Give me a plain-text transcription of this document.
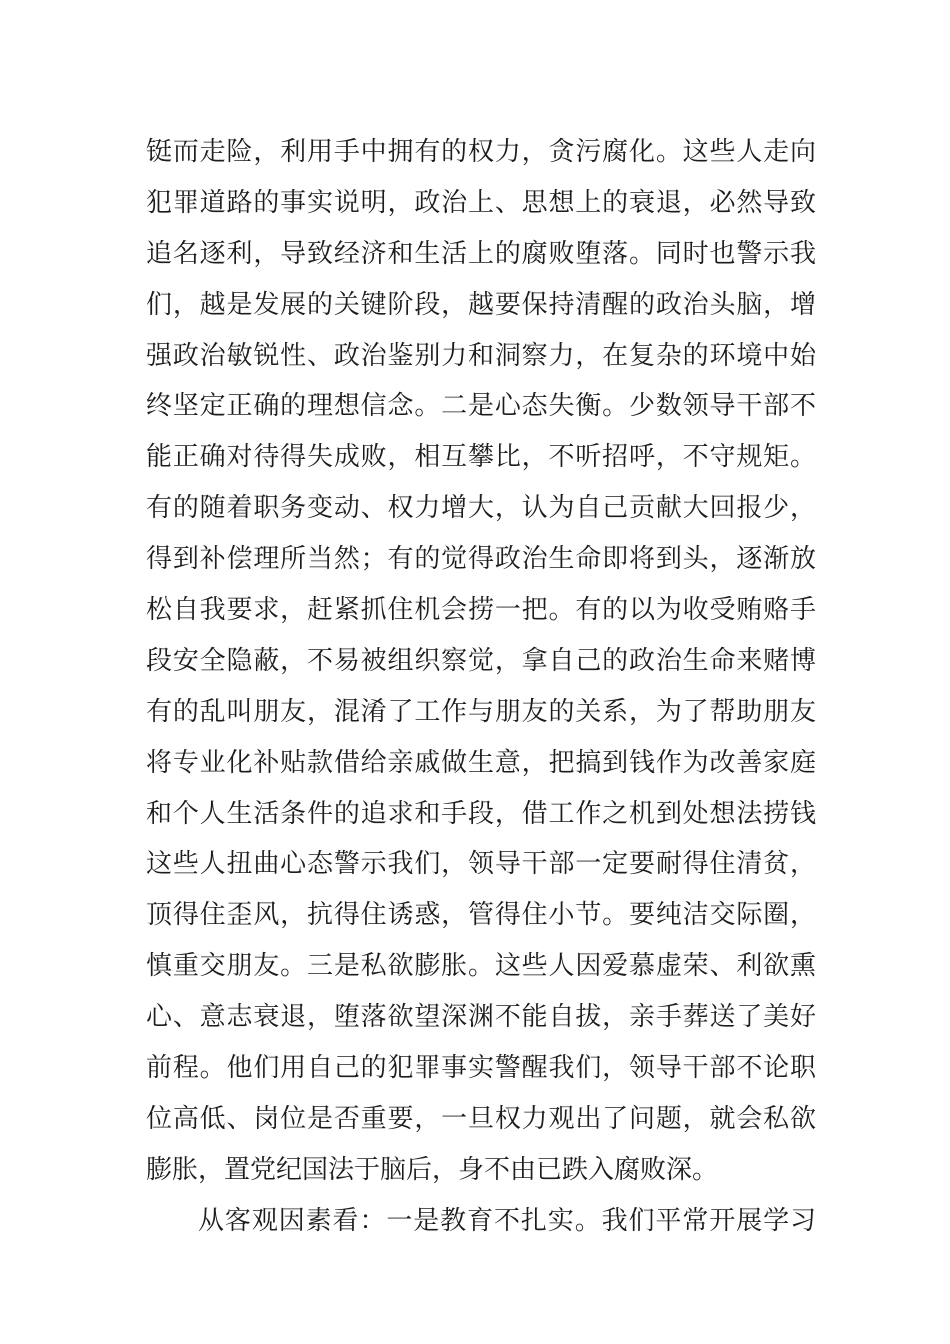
铤而走险，利用手中拥有的权力，贪污腐化。这些人走向
犯罪道路的事实说明，政治上、思想上的衰退，必然导致
追名逐利，导致经济和生活上的腐败堕落。同时也警示我
们，越是发展的关键阶段，越要保持清醒的政治头脑，增
强政治敏锐性、政治鉴别力和洞察力，在复杂的环境中始
终坚定正确的理想信念。二是心态失衡。少数领导干部不
能正确对待得失成败，相互攀比，不听招呼，不守规矩。
有的随着职务变动、权力增大，认为自己贡献大回报少，
得到补偿理所当然；有的觉得政治生命即将到头，逐渐放
松自我要求，赶紧抓住机会捞一把。有的以为收受贿赂手
段安全隐蔽，不易被组织察觉，拿自己的政治生命来赌博
有的乱叫朋友，混淆了工作与朋友的关系，为了帮助朋友
将专业化补贴款借给亲戚做生意，把搞到钱作为改善家庭
和个人生活条件的追求和手段，借工作之机到处想法捞钱
这些人扭曲心态警示我们，领导干部一定要耐得住清贫，
顶得住歪风，抗得住诱惑，管得住小节。要纯洁交际圈，
慎重交朋友。三是私欲膨胀。这些人因爱慕虚荣、利欲熏
心、意志衰退，堕落欲望深渊不能自拔，亲手葬送了美好
前程。他们用自己的犯罪事实警醒我们，领导干部不论职
位高低、岗位是否重要，一旦权力观出了问题，就会私欲
膨胀，置党纪国法于脑后，身不由已跌入腐败深。
从客观因素看：一是教育不扎实。我们平常开展学习
